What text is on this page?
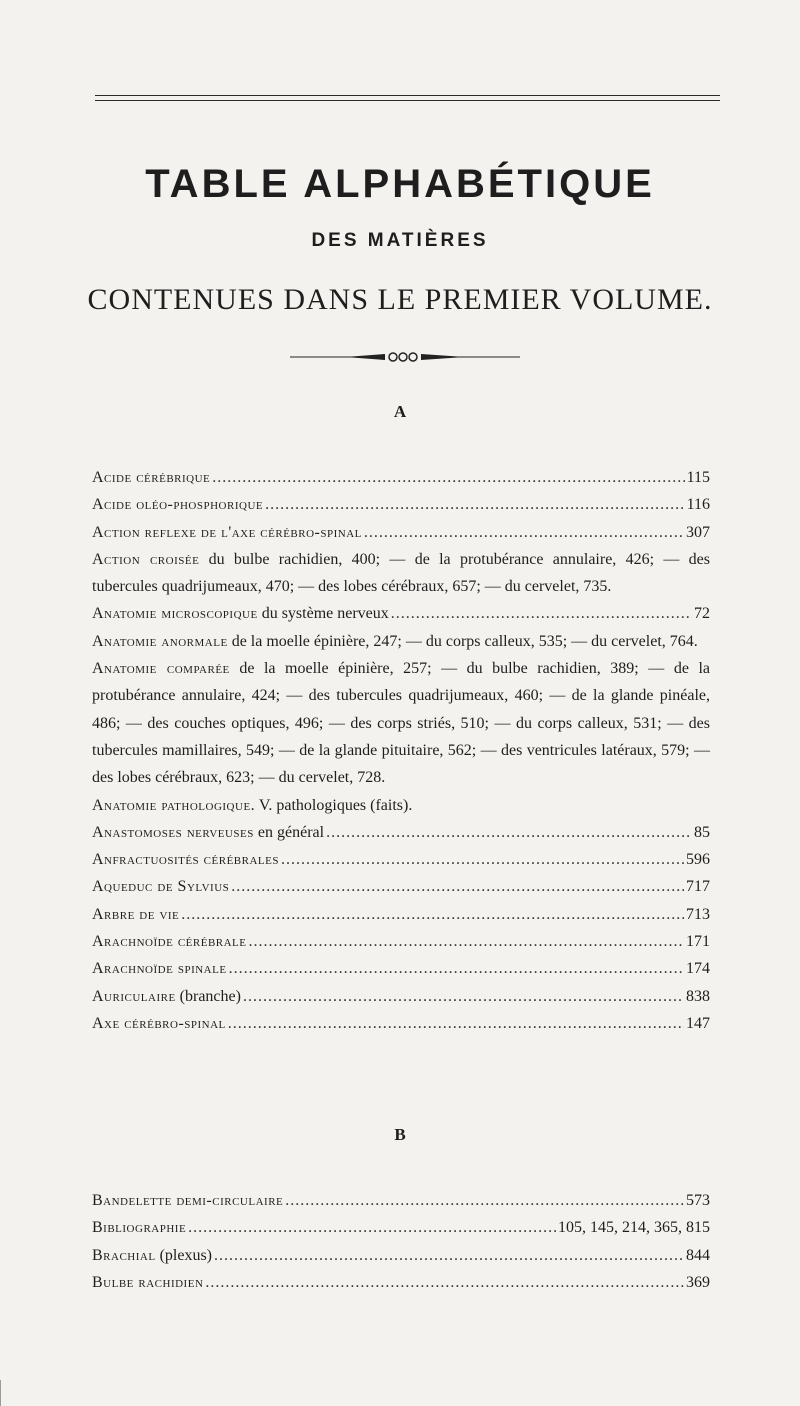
TABLE ALPHABÉTIQUE
DES MATIÈRES
CONTENUES DANS LE PREMIER VOLUME.
A
Acide cérébrique .....	115
Acide oléo-phosphorique .....	116
Action reflexe de l'axe cérébro-spinal .....	307
Action croisée du bulbe rachidien, 400; — de la protubérance annulaire, 426; — des tubercules quadrijumeaux, 470; — des lobes cérébraux, 657; — du cervelet, 735.
Anatomie microscopique du système nerveux .....	72
Anatomie anormale de la moelle épinière, 247; — du corps calleux, 535; — du cervelet, 764.
Anatomie comparée de la moelle épinière, 257; — du bulbe rachidien, 389; — de la protubérance annulaire, 424; — des tubercules quadrijumeaux, 460; — de la glande pinéale, 486; — des couches optiques, 496; — des corps striés, 510; — du corps calleux, 531; — des tubercules mamillaires, 549; — de la glande pituitaire, 562; — des ventricules latéraux, 579; — des lobes cérébraux, 623; — du cervelet, 728.
Anatomie pathologique. V. pathologiques (faits).
Anastomoses nerveuses en général .....	85
Anfractuosités cérébrales .....	596
Aqueduc de Sylvius .....	717
Arbre de vie .....	713
Arachnoïde cérébrale .....	171
Arachnoïde spinale .....	174
Auriculaire (branche) .....	838
Axe cérébro-spinal .....	147
B
Bandelette demi-circulaire .....	573
Bibliographie .....	105, 145, 214, 365, 815
Brachial (plexus) .....	844
Bulbe rachidien .....	369
